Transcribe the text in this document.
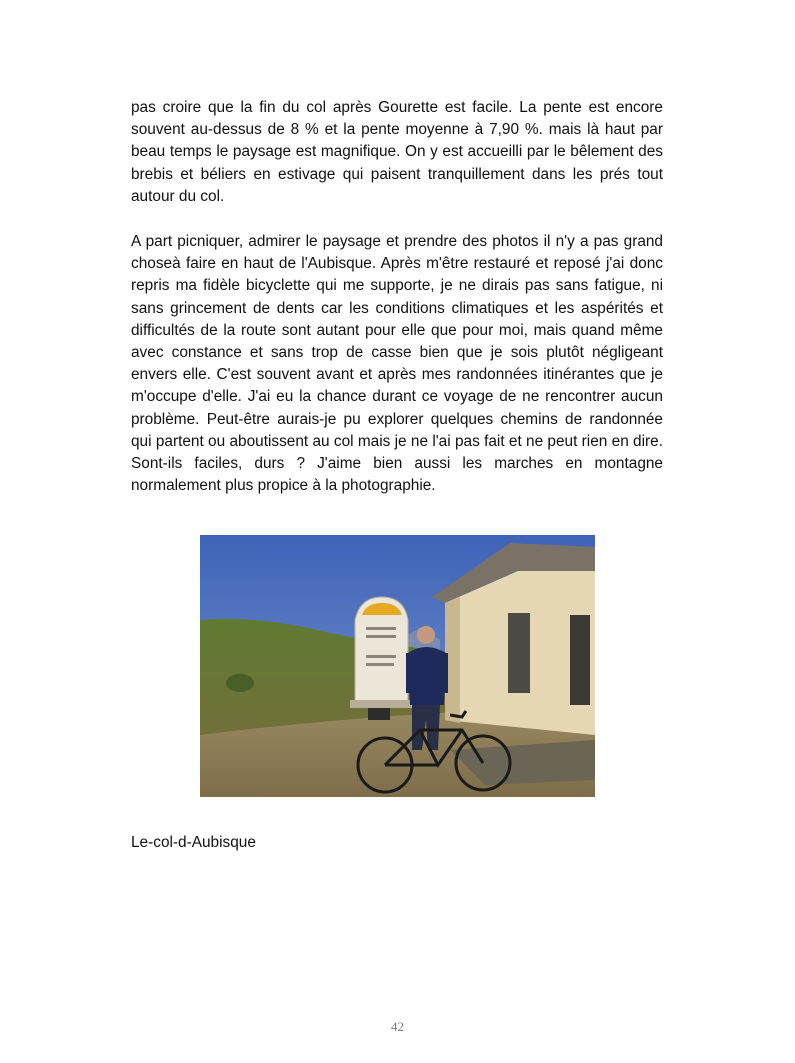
pas croire que la fin du col après Gourette est facile. La pente est encore souvent au-dessus de 8 % et la pente moyenne à 7,90 %. mais là haut par beau temps le paysage est magnifique. On y est accueilli par le bêlement des brebis et béliers en estivage qui paisent tranquillement dans les prés tout autour du col.

A part picniquer, admirer le paysage et prendre des photos il n'y a pas grand choseà faire en haut de l'Aubisque. Après m'être restauré et reposé j'ai donc repris ma fidèle bicyclette qui me supporte, je ne dirais pas sans fatigue, ni sans grincement de dents car les conditions climatiques et les aspérités et difficultés de la route sont autant pour elle que pour moi, mais quand même avec constance et sans trop de casse bien que je sois plutôt négligeant envers elle. C'est souvent avant et après mes randonnées itinérantes que je m'occupe d'elle. J'ai eu la chance durant ce voyage de ne rencontrer aucun problème. Peut-être aurais-je pu explorer quelques chemins de randonnée qui partent ou aboutissent au col mais je ne l'ai pas fait et ne peut rien en dire. Sont-ils faciles, durs ? J'aime bien aussi les marches en montagne normalement plus propice à la photographie.

Le-col-d-Aubisque
42
